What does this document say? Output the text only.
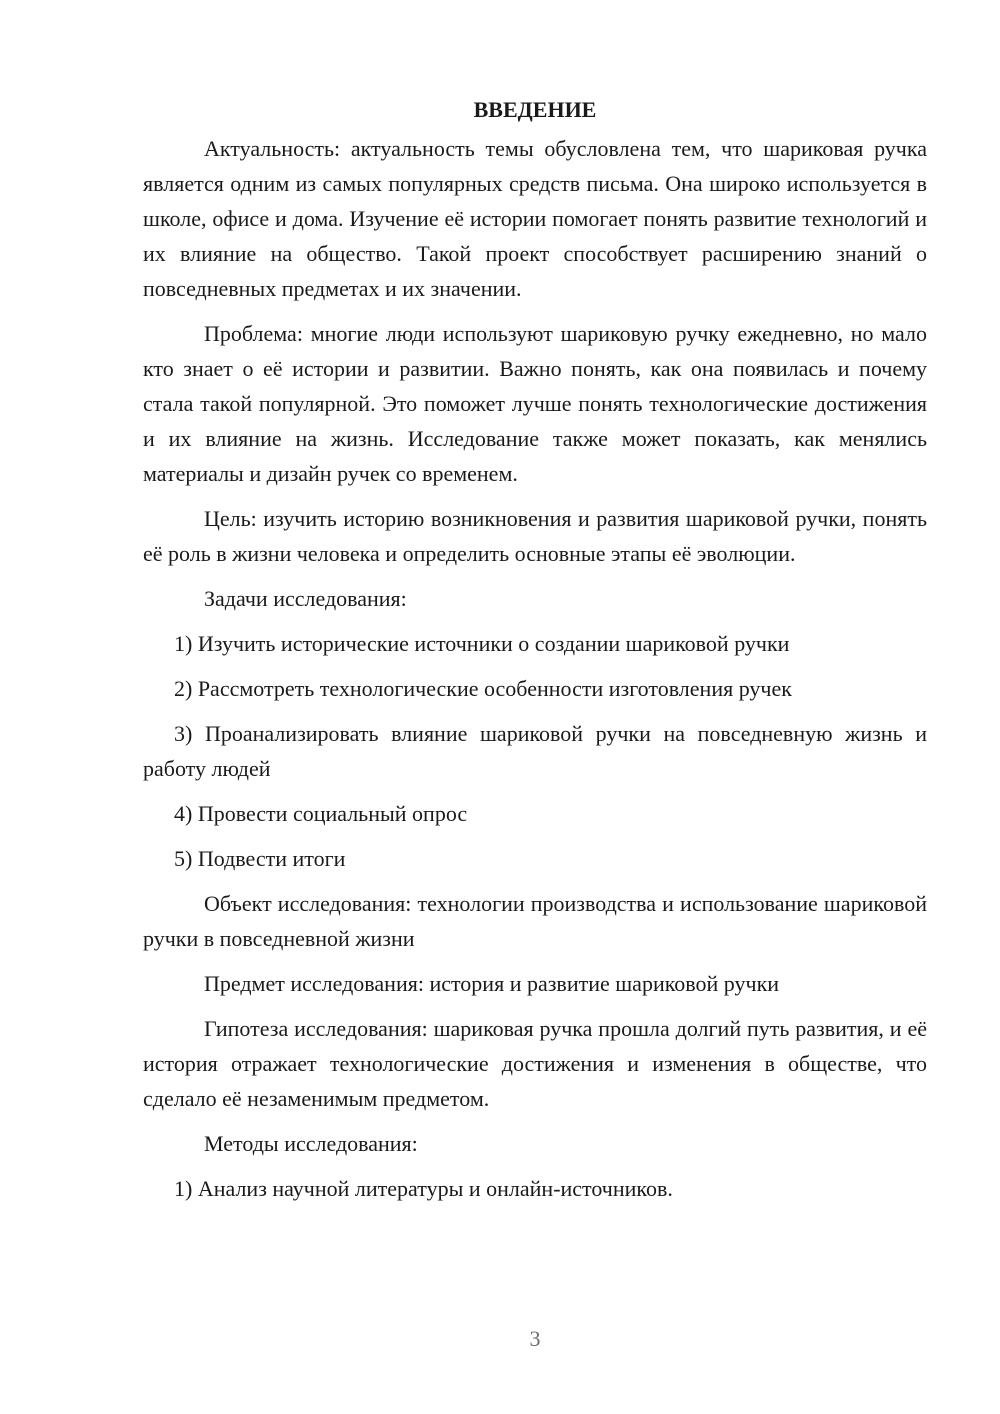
ВВЕДЕНИЕ

Актуальность: актуальность темы обусловлена тем, что шариковая ручка является одним из самых популярных средств письма. Она широко используется в школе, офисе и дома. Изучение её истории помогает понять развитие технологий и их влияние на общество. Такой проект способствует расширению знаний о повседневных предметах и их значении.

Проблема: многие люди используют шариковую ручку ежедневно, но мало кто знает о её истории и развитии. Важно понять, как она появилась и почему стала такой популярной. Это поможет лучше понять технологические достижения и их влияние на жизнь. Исследование также может показать, как менялись материалы и дизайн ручек со временем.

Цель: изучить историю возникновения и развития шариковой ручки, понять её роль в жизни человека и определить основные этапы её эволюции.

Задачи исследования:

1) Изучить исторические источники о создании шариковой ручки

2) Рассмотреть технологические особенности изготовления ручек

3) Проанализировать влияние шариковой ручки на повседневную жизнь и работу людей

4) Провести социальный опрос

5) Подвести итоги

Объект исследования: технологии производства и использование шариковой ручки в повседневной жизни

Предмет исследования: история и развитие шариковой ручки

Гипотеза исследования: шариковая ручка прошла долгий путь развития, и её история отражает технологические достижения и изменения в обществе, что сделало её незаменимым предметом.

Методы исследования:

1) Анализ научной литературы и онлайн-источников.

3
